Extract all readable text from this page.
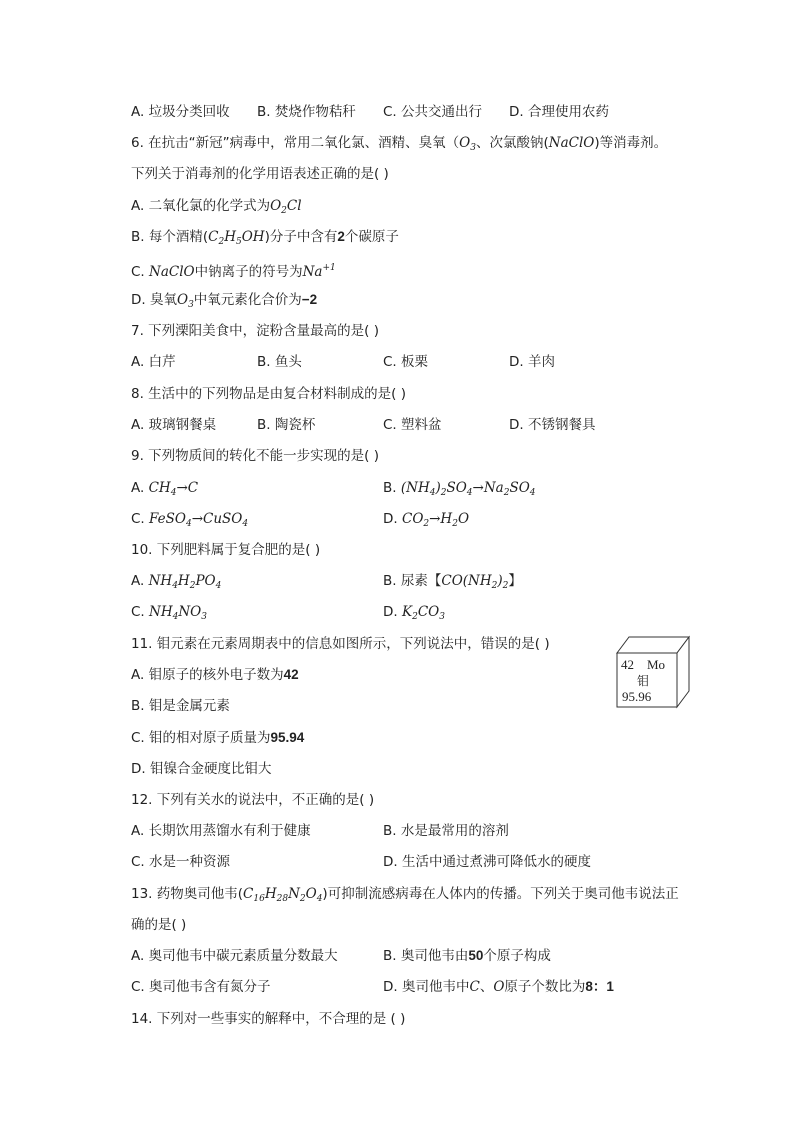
A. 垃圾分类回收 B. 焚烧作物秸秆 C. 公共交通出行 D. 合理使用农药
6. 在抗击“新冠”病毒中，常用二氧化氯、酒精、臭氧（$O_3$、次氯酸钠(NaClO)等消毒剂。
下列关于消毒剂的化学用语表述正确的是( )
A. 二氧化氯的化学式为$O_2Cl$
B. 每个酒精$(C_2H_5OH)$分子中含有2个碳原子
C. NaClO中钠离子的符号为$Na^{+1}$
D. 臭氧$O_3$中氧元素化合价为−2
7. 下列溧阳美食中，淀粉含量最高的是( )
A. 白芹	B. 鱼头	C. 板栗	D. 羊肉
8. 生活中的下列物品是由复合材料制成的是( )
A. 玻璃钢餐桌	B. 陶瓷杯	C. 塑料盆	D. 不锈钢餐具
9. 下列物质间的转化不能一步实现的是( )
A. $CH_4\to C$	B. $(NH_4)_2SO_4\to Na_2SO_4$
C. FeSO$_4$→CuSO$_4$	D. $CO_2\to H_2O$
10. 下列肥料属于复合肥的是( )
A. $NH_4H_2PO_4$	B. 尿素【$CO(NH_2)_2$】
C. $NH_4NO_3$	D. $K_2CO_3$
11. 钼元素在元素周期表中的信息如图所示，下列说法中，错误的是( )
A. 钼原子的核外电子数为42
B. 钼是金属元素
C. 钼的相对原子质量为95.94
D. 钼镍合金硬度比钼大
42 Mo
钼
95.96
12. 下列有关水的说法中，不正确的是( )
A. 长期饮用蒸馏水有利于健康	B. 水是最常用的溶剂
C. 水是一种资源	D. 生活中通过煮沸可降低水的硬度
13. 药物奥司他韦$(C_{16}H_{28}N_2O_4)$可抑制流感病毒在人体内的传播。下列关于奥司他韦说法正
确的是( )
A. 奥司他韦中碳元素质量分数最大	B. 奥司他韦由50个原子构成
C. 奥司他韦含有氮分子	D. 奥司他韦中C、O原子个数比为8：1
14. 下列对一些事实的解释中，不合理的是 ( )
